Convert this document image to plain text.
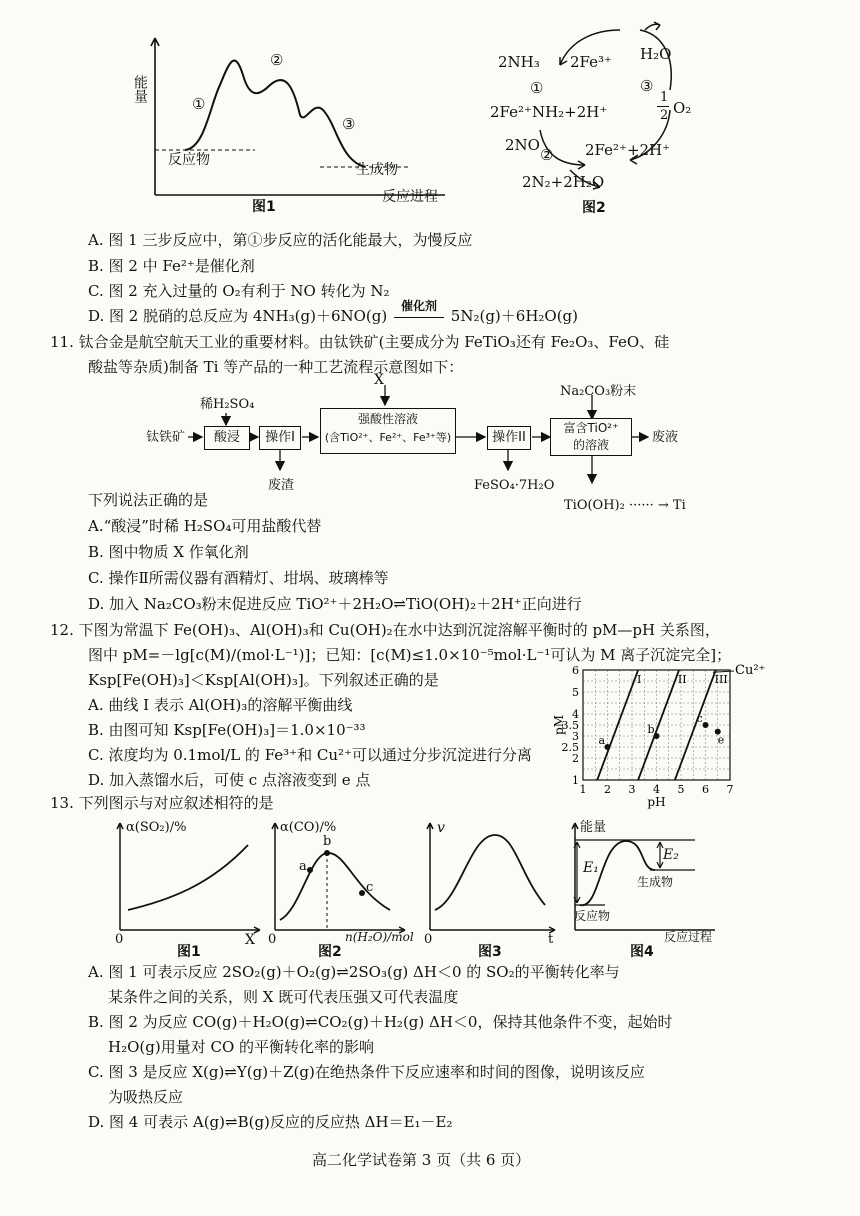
能量
①
②
③
反应物
生成物
反应进程
图1
2NH₃ 2Fe³⁺ H₂O
①	③
2Fe²⁺NH₂+2H⁺
1
2 O₂
2NO
② 2Fe²⁺+2H⁺
2N₂+2H₂O
图2
A. 图 1 三步反应中，第①步反应的活化能最大，为慢反应
B. 图 2 中 Fe²⁺是催化剂
C. 图 2 充入过量的 O₂有利于 NO 转化为 N₂
D. 图 2 脱硝的总反应为 4NH₃(g)＋6NO(g)
催化剂
5N₂(g)＋6H₂O(g)
11. 钛合金是航空航天工业的重要材料。由钛铁矿(主要成分为 FeTiO₃还有 Fe₂O₃、FeO、硅
酸盐等杂质)制备 Ti 等产品的一种工艺流程示意图如下：
X
稀H₂SO₄
Na₂CO₃粉末
钛铁矿	酸浸	操作I
强酸性溶液
(含TiO²⁺、Fe²⁺、Fe³⁺等)	操作II
富含TiO²⁺
的溶液	废液
废渣	FeSO₄·7H₂O
TiO(OH)₂ ······ → Ti
下列说法正确的是
A.“酸浸”时稀 H₂SO₄可用盐酸代替
B. 图中物质 X 作氧化剂
C. 操作Ⅱ所需仪器有酒精灯、坩埚、玻璃棒等
D. 加入 Na₂CO₃粉末促进反应 TiO²⁺＋2H₂O⇌TiO(OH)₂＋2H⁺正向进行
12. 下图为常温下 Fe(OH)₃、Al(OH)₃和 Cu(OH)₂在水中达到沉淀溶解平衡时的 pM—pH 关系图，
图中 pM=－lg[c(M)/(mol·L⁻¹)]；已知：[c(M)≤1.0×10⁻⁵mol·L⁻¹可认为 M 离子沉淀完全]；
Ksp[Fe(OH)₃]＜Ksp[Al(OH)₃]。下列叙述正确的是
A. 曲线 I 表示 Al(OH)₃的溶解平衡曲线
B. 由图可知 Ksp[Fe(OH)₃]＝1.0×10⁻³³
C. 浓度均为 0.1mol/L 的 Fe³⁺和 Cu²⁺可以通过分步沉淀进行分离
D. 加入蒸馏水后，可使 c 点溶液变到 e 点
1 2 3 4 5 6 7
1
2
2.5
3
3.5
4
5
6
pH
pM
I	II	III
Cu²⁺
a
b
c
e
13. 下列图示与对应叙述相符的是
α(SO₂)/%
0	X
图1
α(CO)/%
b
a
c
0	n(H₂O)/mol
图2
v
0	t
图3
能量
E₁
E₂
生成物
反应物
反应过程
图4
A. 图 1 可表示反应 2SO₂(g)＋O₂(g)⇌2SO₃(g) ΔH＜0 的 SO₂的平衡转化率与
某条件之间的关系，则 X 既可代表压强又可代表温度
B. 图 2 为反应 CO(g)＋H₂O(g)⇌CO₂(g)＋H₂(g) ΔH＜0，保持其他条件不变，起始时
H₂O(g)用量对 CO 的平衡转化率的影响
C. 图 3 是反应 X(g)⇌Y(g)＋Z(g)在绝热条件下反应速率和时间的图像，说明该反应
为吸热反应
D. 图 4 可表示 A(g)⇌B(g)反应的反应热 ΔH＝E₁－E₂
高二化学试卷第 3 页（共 6 页）
